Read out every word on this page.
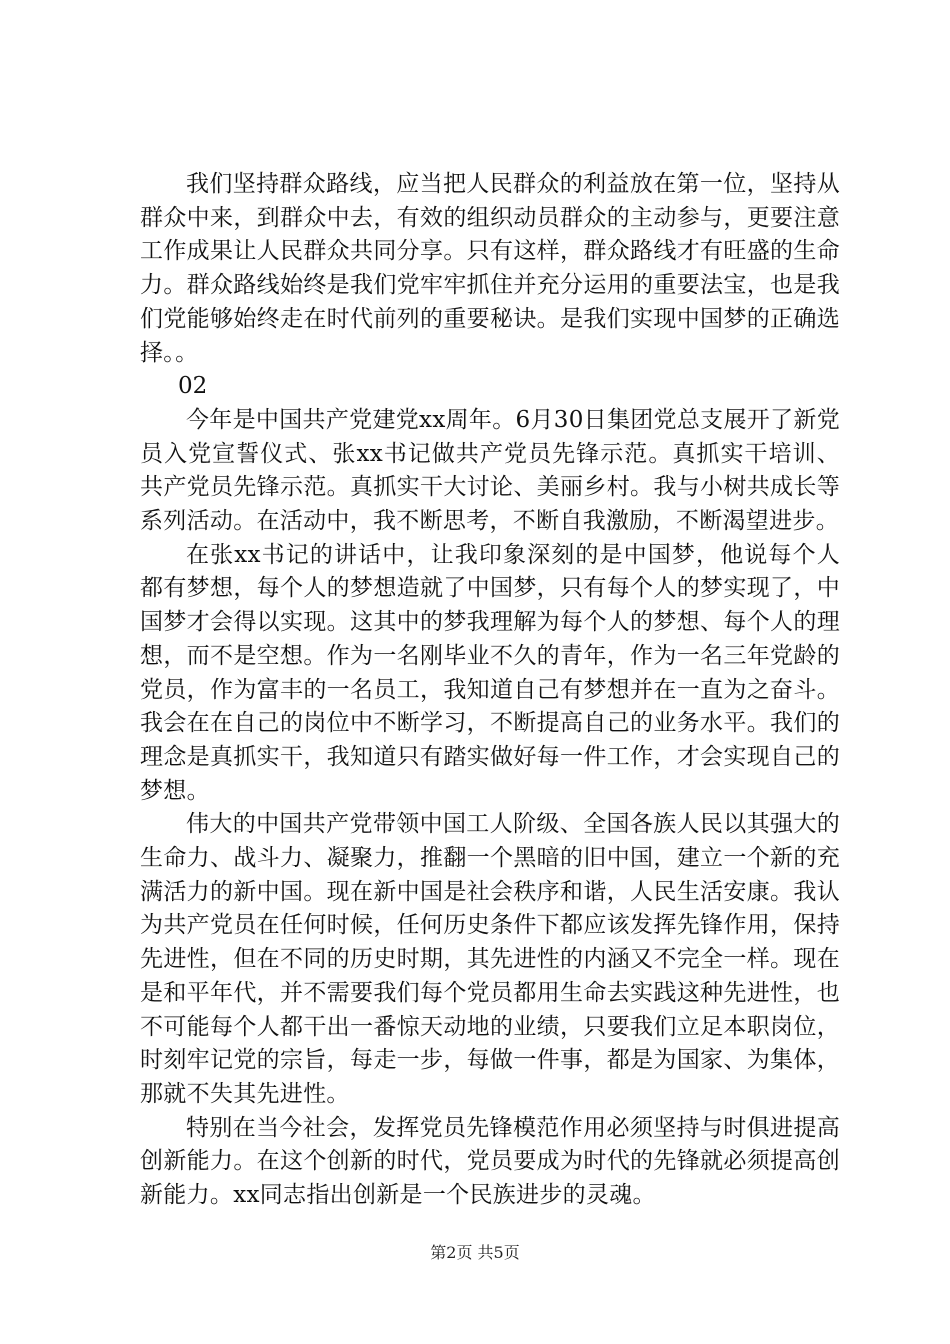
我们坚持群众路线，应当把人民群众的利益放在第一位，坚持从群众中来，到群众中去，有效的组织动员群众的主动参与，更要注意工作成果让人民群众共同分享。只有这样，群众路线才有旺盛的生命力。群众路线始终是我们党牢牢抓住并充分运用的重要法宝，也是我们党能够始终走在时代前列的重要秘诀。是我们实现中国梦的正确选择。。

02

今年是中国共产党建党xx周年。6月30日集团党总支展开了新党员入党宣誓仪式、张xx书记做共产党员先锋示范。真抓实干培训、共产党员先锋示范。真抓实干大讨论、美丽乡村。我与小树共成长等系列活动。在活动中，我不断思考，不断自我激励，不断渴望进步。

在张xx书记的讲话中，让我印象深刻的是中国梦，他说每个人都有梦想，每个人的梦想造就了中国梦，只有每个人的梦实现了，中国梦才会得以实现。这其中的梦我理解为每个人的梦想、每个人的理想，而不是空想。作为一名刚毕业不久的青年，作为一名三年党龄的党员，作为富丰的一名员工，我知道自己有梦想并在一直为之奋斗。我会在在自己的岗位中不断学习，不断提高自己的业务水平。我们的理念是真抓实干，我知道只有踏实做好每一件工作，才会实现自己的梦想。

伟大的中国共产党带领中国工人阶级、全国各族人民以其强大的生命力、战斗力、凝聚力，推翻一个黑暗的旧中国，建立一个新的充满活力的新中国。现在新中国是社会秩序和谐，人民生活安康。我认为共产党员在任何时候，任何历史条件下都应该发挥先锋作用，保持先进性，但在不同的历史时期，其先进性的内涵又不完全一样。现在是和平年代，并不需要我们每个党员都用生命去实践这种先进性，也不可能每个人都干出一番惊天动地的业绩，只要我们立足本职岗位，时刻牢记党的宗旨，每走一步，每做一件事，都是为国家、为集体，那就不失其先进性。

特别在当今社会，发挥党员先锋模范作用必须坚持与时俱进提高创新能力。在这个创新的时代，党员要成为时代的先锋就必须提高创新能力。xx同志指出创新是一个民族进步的灵魂。

第2页 共5页
